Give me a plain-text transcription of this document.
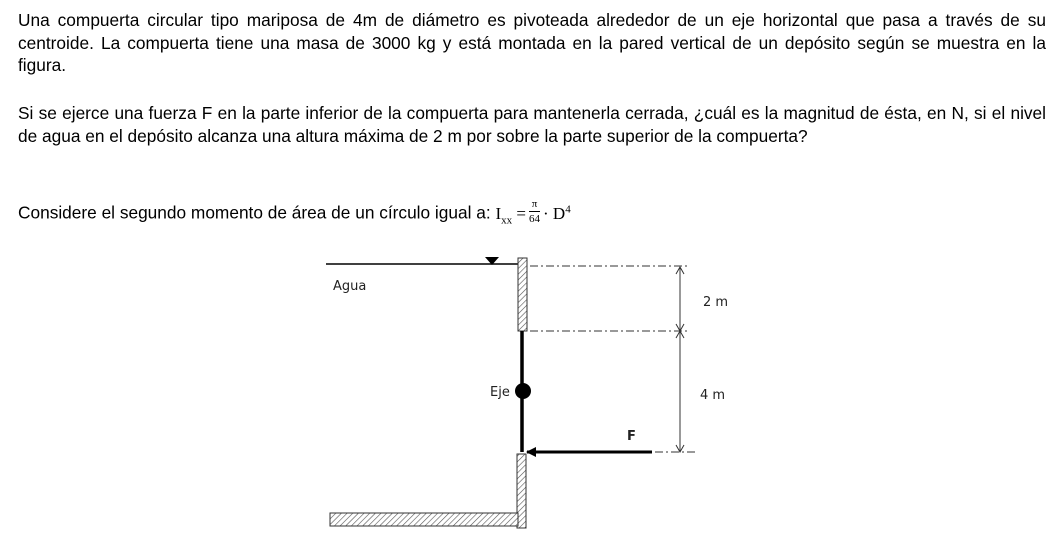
Una compuerta circular tipo mariposa de 4m de diámetro es pivoteada alrededor de un eje horizontal que pasa a través de su centroide. La compuerta tiene una masa de 3000 kg y está montada en la pared vertical de un depósito según se muestra en la figura.

Si se ejerce una fuerza F en la parte inferior de la compuerta para mantenerla cerrada, ¿cuál es la magnitud de ésta, en N, si el nivel de agua en el depósito alcanza una altura máxima de 2 m por sobre la parte superior de la compuerta?

Considere el segundo momento de área de un círculo igual a: $I_{xx} = \frac{\pi}{64} \cdot D^4$

Agua
Eje
F
2 m
4 m
